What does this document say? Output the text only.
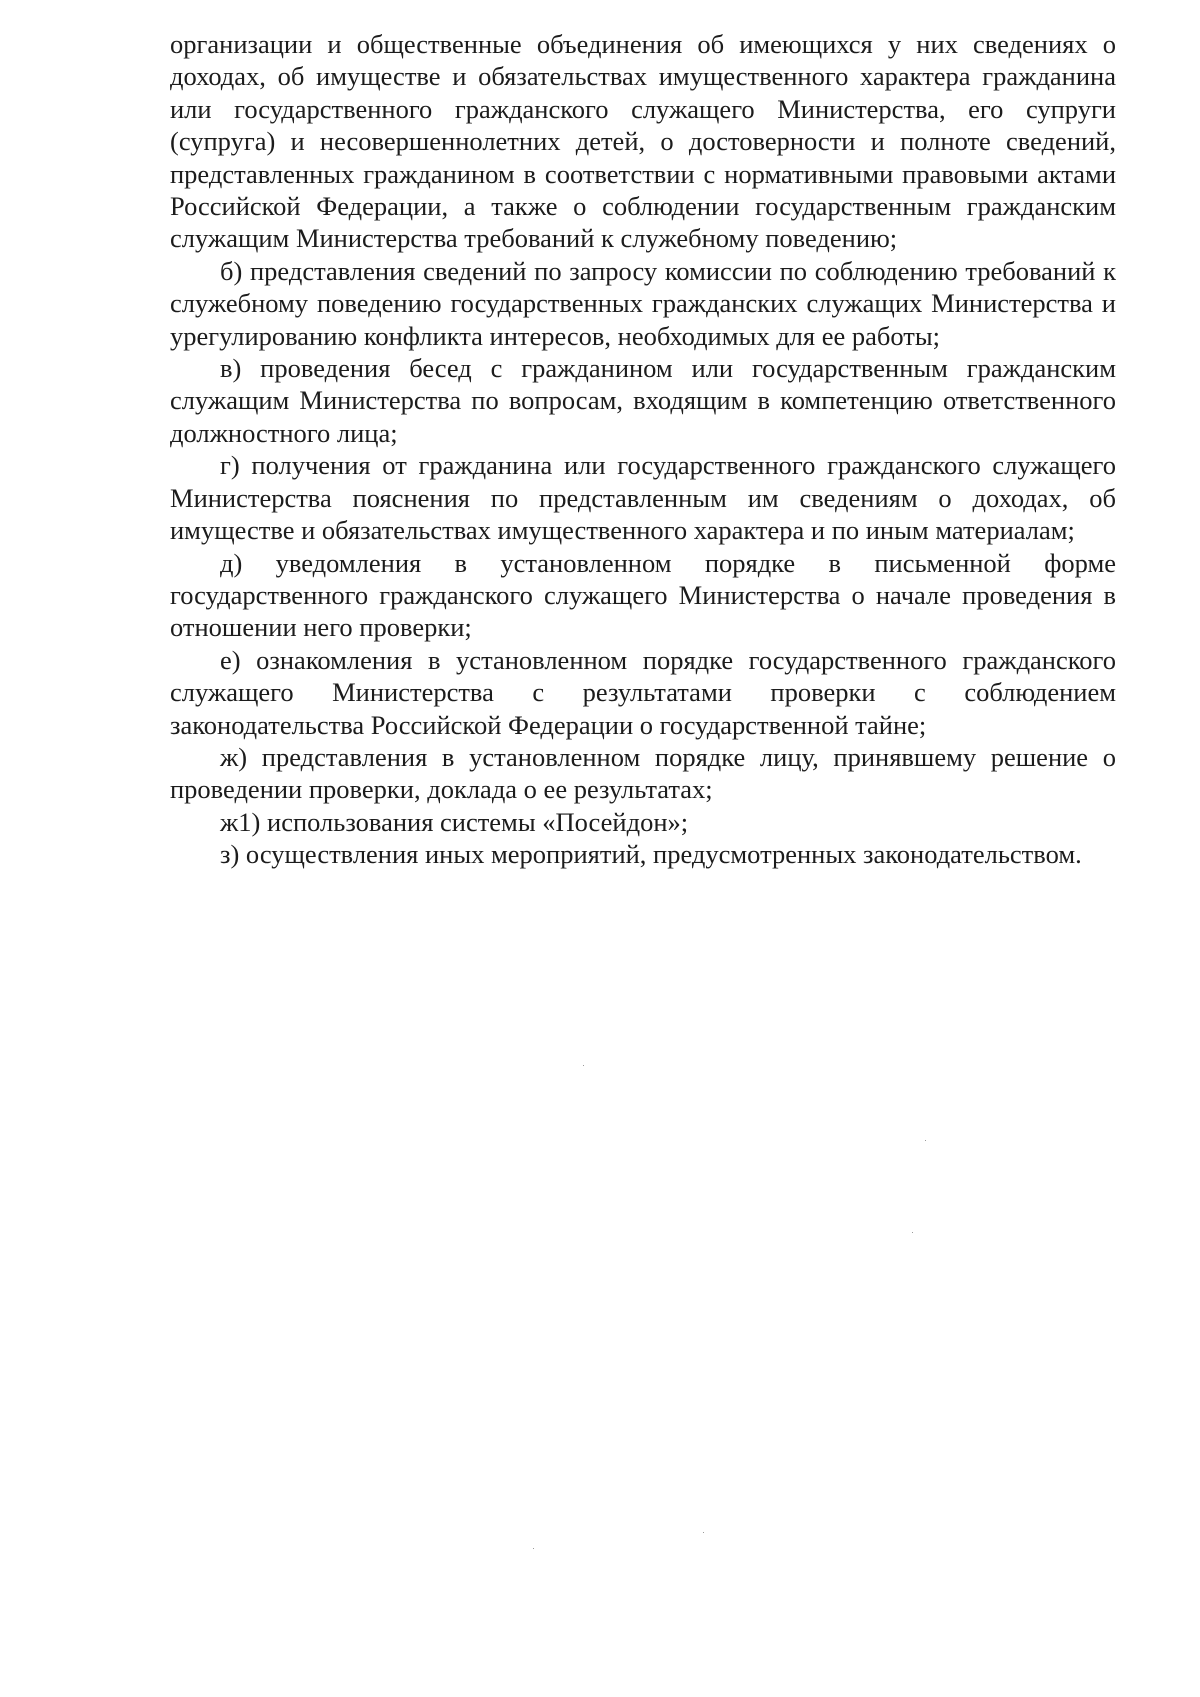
организации и общественные объединения об имеющихся у них сведениях о доходах, об имуществе и обязательствах имущественного характера гражданина или государственного гражданского служащего Министерства, его супруги (супруга) и несовершеннолетних детей, о достоверности и полноте сведений, представленных гражданином в соответствии с нормативными правовыми актами Российской Федерации, а также о соблюдении государственным гражданским служащим Министерства требований к служебному поведению;

б) представления сведений по запросу комиссии по соблюдению требований к служебному поведению государственных гражданских служащих Министерства и урегулированию конфликта интересов, необходимых для ее работы;

в) проведения бесед с гражданином или государственным гражданским служащим Министерства по вопросам, входящим в компетенцию ответственного должностного лица;

г) получения от гражданина или государственного гражданского служащего Министерства пояснения по представленным им сведениям о доходах, об имуществе и обязательствах имущественного характера и по иным материалам;

д) уведомления в установленном порядке в письменной форме государственного гражданского служащего Министерства о начале проведения в отношении него проверки;

е) ознакомления в установленном порядке государственного гражданского служащего Министерства с результатами проверки с соблюдением законодательства Российской Федерации о государственной тайне;

ж) представления в установленном порядке лицу, принявшему решение о проведении проверки, доклада о ее результатах;

ж1) использования системы «Посейдон»;

з) осуществления иных мероприятий, предусмотренных законодательством.
